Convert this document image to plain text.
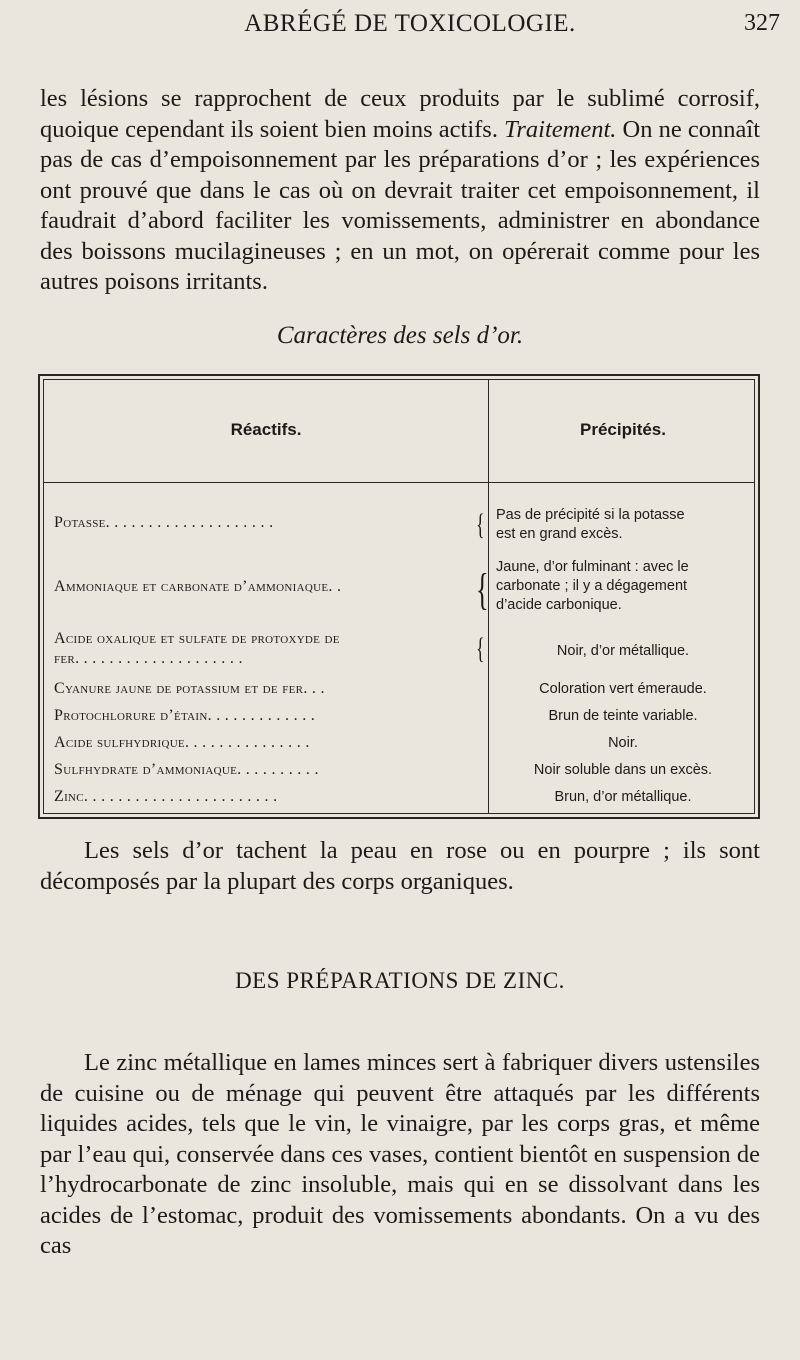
ABRÉGÉ DE TOXICOLOGIE.	327

les lésions se rapprochent de ceux produits par le sublimé corrosif, quoique cependant ils soient bien moins actifs. Traitement. On ne connaît pas de cas d’empoisonnement par les préparations d’or ; les expériences ont prouvé que dans le cas où on devrait traiter cet empoisonnement, il faudrait d’abord faciliter les vomissements, administrer en abondance des boissons mucilagineuses ; en un mot, on opérerait comme pour les autres poisons irritants.

Caractères des sels d’or.
Réactifs.	Précipités.
Potasse. . . . . . . . . . . . . . . . . . . .	{ Pas de précipité si la potasse
est en grand excès.
Ammoniaque et carbonate d’ammoniaque. .	{ Jaune, d’or fulminant : avec le
carbonate ; il y a dégagement
d’acide carbonique.
Acide oxalique et sulfate de protoxyde de
fer. . . . . . . . . . . . . . . . . . . .	{	Noir, d’or métallique.
Cyanure jaune de potassium et de fer. . .	Coloration vert émeraude.
Protochlorure d’étain. . . . . . . . . . . . .	Brun de teinte variable.
Acide sulfhydrique. . . . . . . . . . . . . . .	Noir.
Sulfhydrate d’ammoniaque. . . . . . . . . .	Noir soluble dans un excès.
Zinc. . . . . . . . . . . . . . . . . . . . . . .	Brun, d’or métallique.

Les sels d’or tachent la peau en rose ou en pourpre ; ils sont décomposés par la plupart des corps organiques.

DES PRÉPARATIONS DE ZINC.

Le zinc métallique en lames minces sert à fabriquer divers ustensiles de cuisine ou de ménage qui peuvent être attaqués par les différents liquides acides, tels que le vin, le vinaigre, par les corps gras, et même par l’eau qui, conservée dans ces vases, contient bientôt en suspension de l’hydrocarbonate de zinc insoluble, mais qui en se dissolvant dans les acides de l’estomac, produit des vomissements abondants. On a vu des cas
